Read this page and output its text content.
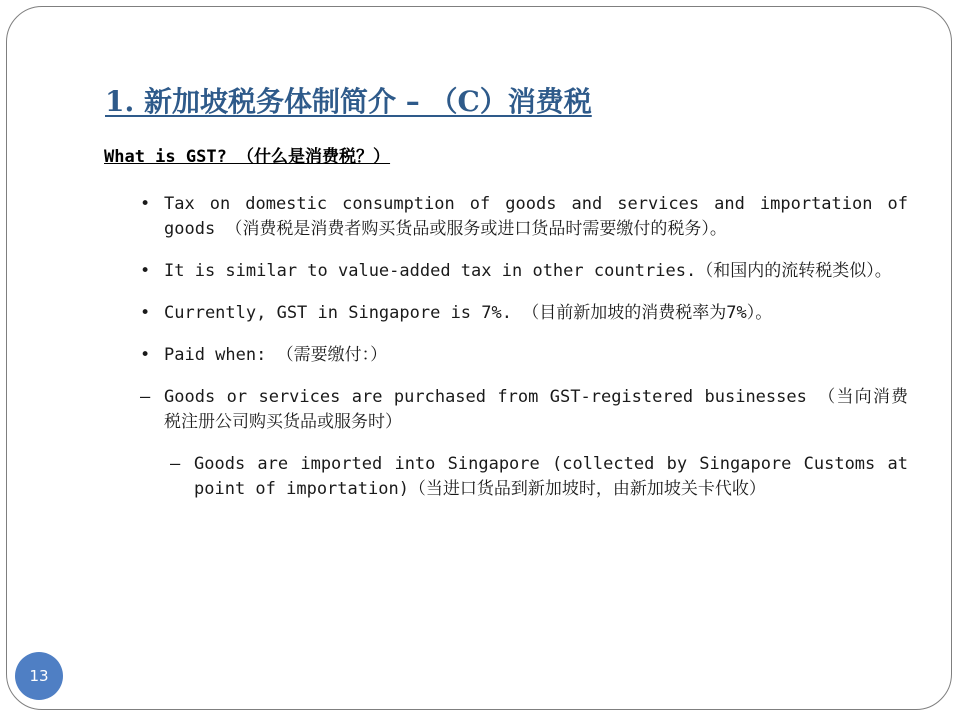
1. 新加坡税务体制简介 – （C）消费税
What is GST? （什么是消费税？）
• Tax on domestic consumption of goods and services and importation of goods （消费税是消费者购买货品或服务或进口货品时需要缴付的税务）。
• It is similar to value-added tax in other countries.（和国内的流转税类似）。
• Currently, GST in Singapore is 7%. （目前新加坡的消费税率为7%）。
• Paid when: （需要缴付：）
– Goods or services are purchased from GST-registered businesses （当向消费税注册公司购买货品或服务时）
– Goods are imported into Singapore (collected by Singapore Customs at point of importation)（当进口货品到新加坡时，由新加坡关卡代收）
13
